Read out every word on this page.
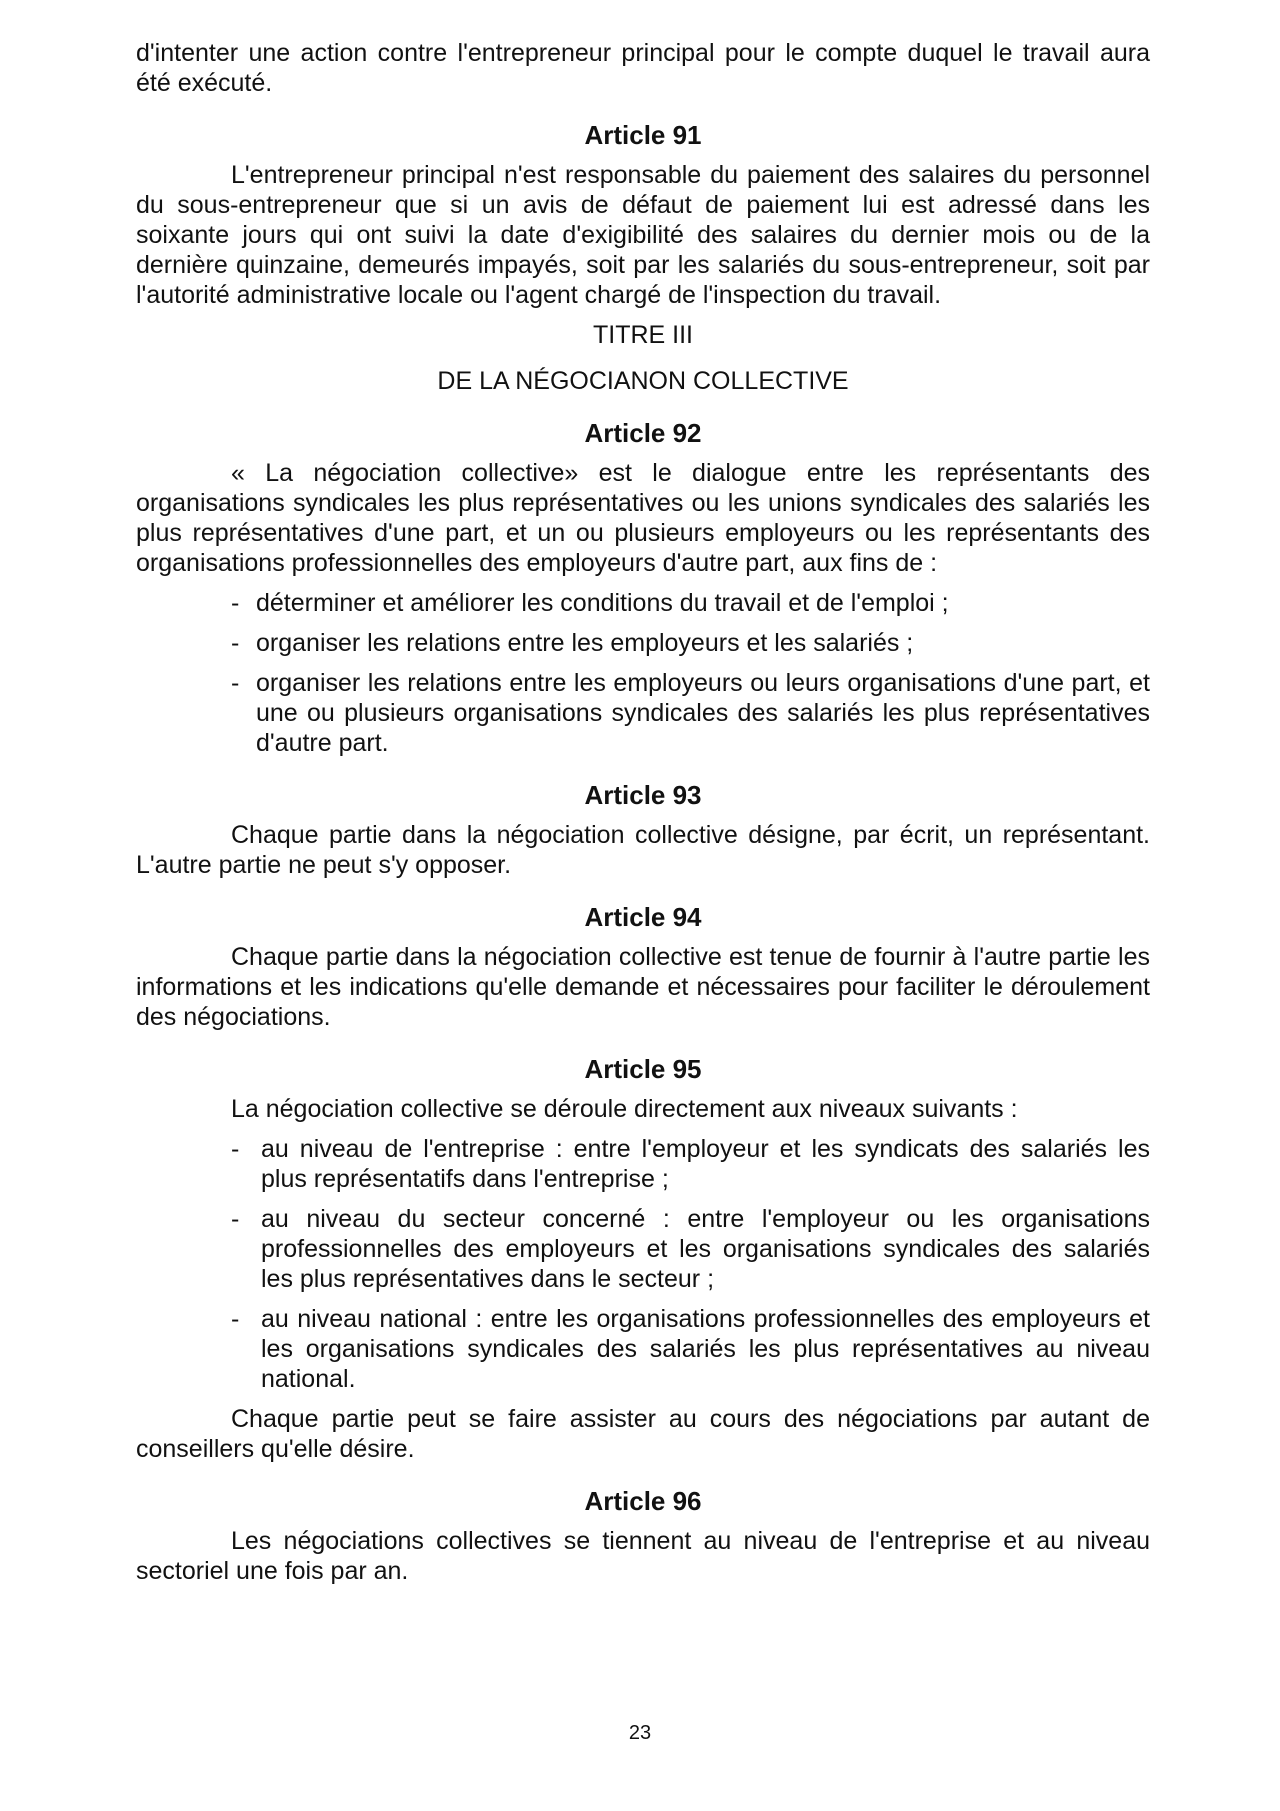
d'intenter une action contre l'entrepreneur principal pour le compte duquel le travail aura été exécuté.

Article 91

L'entrepreneur principal n'est responsable du paiement des salaires du personnel du sous-entrepreneur que si un avis de défaut de paiement lui est adressé dans les soixante jours qui ont suivi la date d'exigibilité des salaires du dernier mois ou de la dernière quinzaine, demeurés impayés, soit par les salariés du sous-entrepreneur, soit par l'autorité administrative locale ou l'agent chargé de l'inspection du travail.

TITRE III
DE LA NÉGOCIANON COLLECTIVE
Article 92

« La négociation collective» est le dialogue entre les représentants des organisations syndicales les plus représentatives ou les unions syndicales des salariés les plus représentatives d'une part, et un ou plusieurs employeurs ou les représentants des organisations professionnelles des employeurs d'autre part, aux fins de :

- déterminer et améliorer les conditions du travail et de l'emploi ;
- organiser les relations entre les employeurs et les salariés ;
- organiser les relations entre les employeurs ou leurs organisations d'une part, et une ou plusieurs organisations syndicales des salariés les plus représentatives d'autre part.
Article 93

Chaque partie dans la négociation collective désigne, par écrit, un représentant. L'autre partie ne peut s'y opposer.

Article 94

Chaque partie dans la négociation collective est tenue de fournir à l'autre partie les informations et les indications qu'elle demande et nécessaires pour faciliter le déroulement des négociations.

Article 95

La négociation collective se déroule directement aux niveaux suivants :

- au niveau de l'entreprise : entre l'employeur et les syndicats des salariés les plus représentatifs dans l'entreprise ;
- au niveau du secteur concerné : entre l'employeur ou les organisations professionnelles des employeurs et les organisations syndicales des salariés les plus représentatives dans le secteur ;
- au niveau national : entre les organisations professionnelles des employeurs et les organisations syndicales des salariés les plus représentatives au niveau national.

Chaque partie peut se faire assister au cours des négociations par autant de conseillers qu'elle désire.

Article 96

Les négociations collectives se tiennent au niveau de l'entreprise et au niveau sectoriel une fois par an.

23
